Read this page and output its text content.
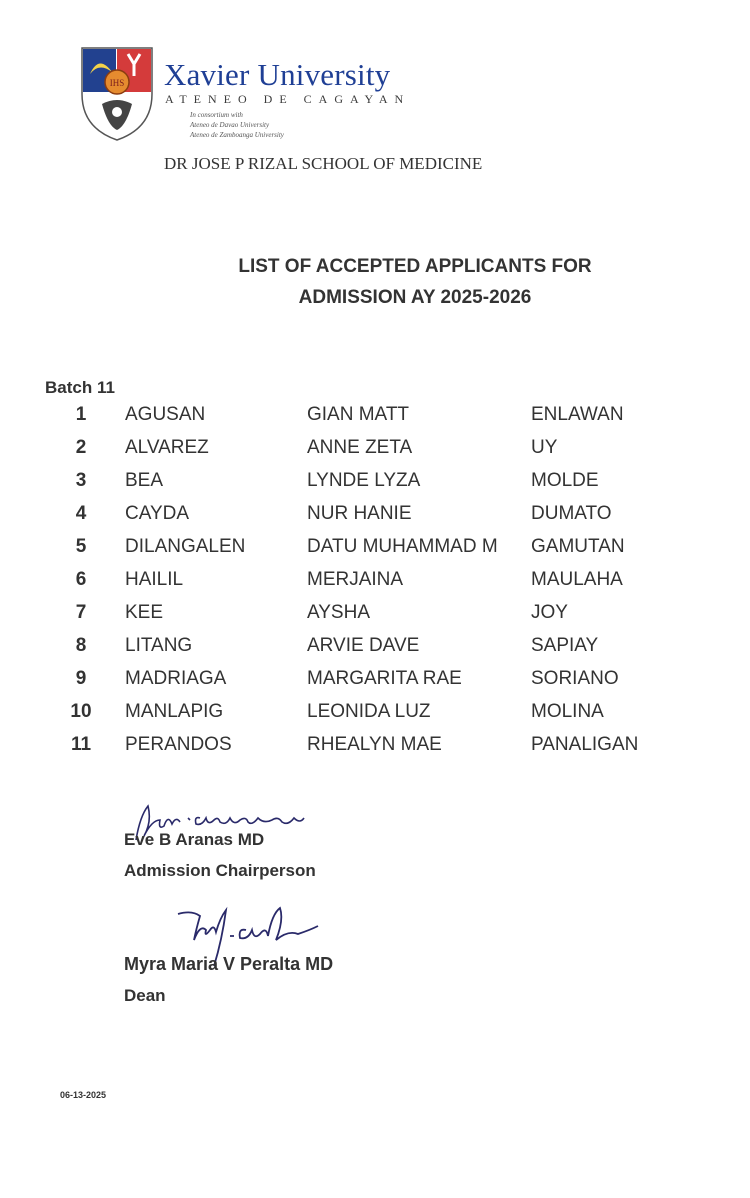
IHS Xavier University
ATENEO DE CAGAYAN
In consortium with
Ateneo de Davao University
Ateneo de Zamboanga University
DR JOSE P RIZAL SCHOOL OF MEDICINE
LIST OF ACCEPTED APPLICANTS FOR
ADMISSION AY 2025-2026
Batch 11
1	AGUSAN	GIAN MATT	ENLAWAN
2	ALVAREZ	ANNE ZETA	UY
3	BEA	LYNDE LYZA	MOLDE
4	CAYDA	NUR HANIE	DUMATO
5	DILANGALEN	DATU MUHAMMAD M	GAMUTAN
6	HAILIL	MERJAINA	MAULAHA
7	KEE	AYSHA	JOY
8	LITANG	ARVIE DAVE	SAPIAY
9	MADRIAGA	MARGARITA RAE	SORIANO
10	MANLAPIG	LEONIDA LUZ	MOLINA
11	PERANDOS	RHEALYN MAE	PANALIGAN
Eve B Aranas MD
Admission Chairperson
Myra Maria V Peralta MD
Dean
06-13-2025
